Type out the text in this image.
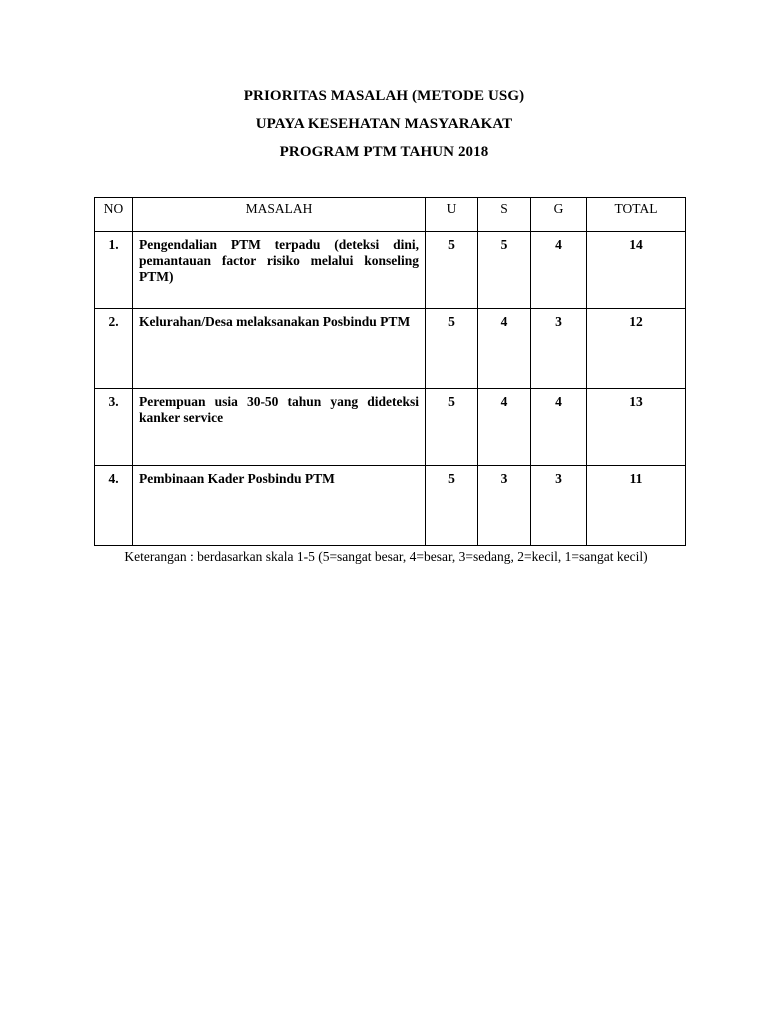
PRIORITAS MASALAH (METODE USG)
UPAYA KESEHATAN MASYARAKAT
PROGRAM PTM TAHUN 2018
NO	MASALAH	U	S	G	TOTAL
1.	Pengendalian PTM terpadu (deteksi dini, pemantauan factor risiko melalui konseling PTM)	5	5	4	14
2.	Kelurahan/Desa melaksanakan Posbindu PTM	5	4	3	12
3.	Perempuan usia 30-50 tahun yang dideteksi kanker service	5	4	4	13
4.	Pembinaan Kader Posbindu PTM	5	3	3	11
Keterangan : berdasarkan skala 1-5 (5=sangat besar, 4=besar, 3=sedang, 2=kecil, 1=sangat kecil)
